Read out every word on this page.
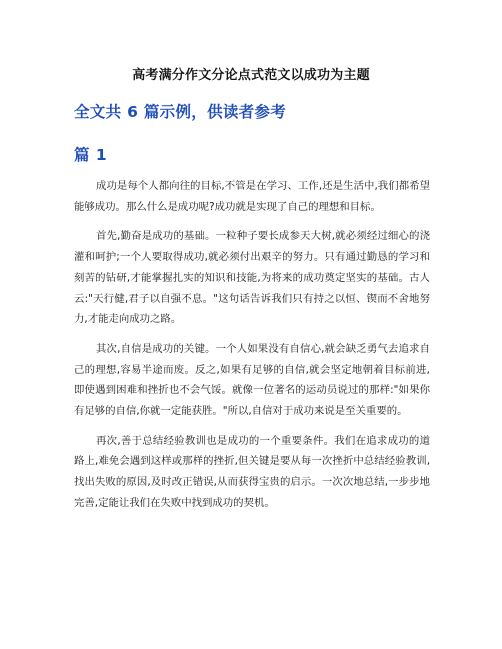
高考满分作文分论点式范文以成功为主题
全文共 6 篇示例，供读者参考
篇 1

成功是每个人都向往的目标,不管是在学习、工作,还是生活中,我们都希望能够成功。那么什么是成功呢?成功就是实现了自己的理想和目标。

首先,勤奋是成功的基础。一粒种子要长成参天大树,就必须经过细心的浇灌和呵护;一个人要取得成功,就必须付出艰辛的努力。只有通过勤恳的学习和刻苦的钻研,才能掌握扎实的知识和技能,为将来的成功奠定坚实的基础。古人云:"天行健,君子以自强不息。"这句话告诉我们只有持之以恒、锲而不舍地努力,才能走向成功之路。

其次,自信是成功的关键。一个人如果没有自信心,就会缺乏勇气去追求自己的理想,容易半途而废。反之,如果有足够的自信,就会坚定地朝着目标前进,即使遇到困难和挫折也不会气馁。就像一位著名的运动员说过的那样:"如果你有足够的自信,你就一定能获胜。"所以,自信对于成功来说是至关重要的。

再次,善于总结经验教训也是成功的一个重要条件。我们在追求成功的道路上,难免会遇到这样或那样的挫折,但关键是要从每一次挫折中总结经验教训,找出失败的原因,及时改正错误,从而获得宝贵的启示。一次次地总结,一步步地完善,定能让我们在失败中找到成功的契机。
